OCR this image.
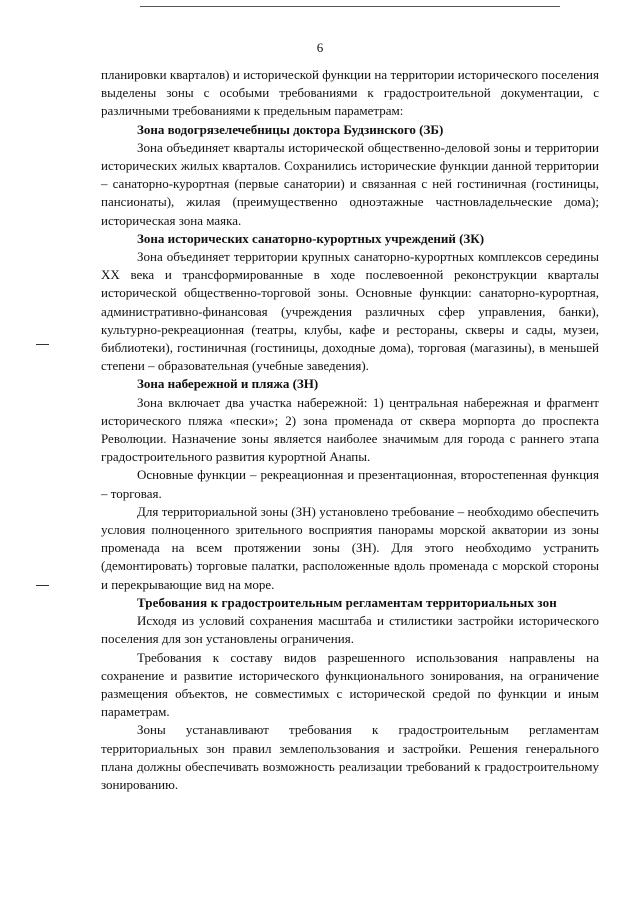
6

планировки кварталов) и исторической функции на территории исторического поселения выделены зоны с особыми требованиями к градостроительной документации, с различными требованиями к предельным параметрам:

Зона водогрязелечебницы доктора Будзинского (ЗБ)

Зона объединяет кварталы исторической общественно-деловой зоны и территории исторических жилых кварталов. Сохранились исторические функции данной территории – санаторно-курортная (первые санатории) и связанная с ней гостиничная (гостиницы, пансионаты), жилая (преимущественно одноэтажные частновладельческие дома); историческая зона маяка.

Зона исторических санаторно-курортных учреждений (ЗК)

Зона объединяет территории крупных санаторно-курортных комплексов середины XX века и трансформированные в ходе послевоенной реконструкции кварталы исторической общественно-торговой зоны. Основные функции: санаторно-курортная, административно-финансовая (учреждения различных сфер управления, банки), культурно-рекреационная (театры, клубы, кафе и рестораны, скверы и сады, музеи, библиотеки), гостиничная (гостиницы, доходные дома), торговая (магазины), в меньшей степени – образовательная (учебные заведения).

Зона набережной и пляжа (ЗН)

Зона включает два участка набережной: 1) центральная набережная и фрагмент исторического пляжа «пески»; 2) зона променада от сквера морпорта до проспекта Революции. Назначение зоны является наиболее значимым для города с раннего этапа градостроительного развития курортной Анапы.

Основные функции – рекреационная и презентационная, второстепенная функция – торговая.

Для территориальной зоны (ЗН) установлено требование – необходимо обеспечить условия полноценного зрительного восприятия панорамы морской акватории из зоны променада на всем протяжении зоны (ЗН). Для этого необходимо устранить (демонтировать) торговые палатки, расположенные вдоль променада с морской стороны и перекрывающие вид на море.

Требования к градостроительным регламентам территориальных зон

Исходя из условий сохранения масштаба и стилистики застройки исторического поселения для зон установлены ограничения.

Требования к составу видов разрешенного использования направлены на сохранение и развитие исторического функционального зонирования, на ограничение размещения объектов, не совместимых с исторической средой по функции и иным параметрам.

Зоны устанавливают требования к градостроительным регламентам территориальных зон правил землепользования и застройки. Решения генерального плана должны обеспечивать возможность реализации требований к градостроительному зонированию.
